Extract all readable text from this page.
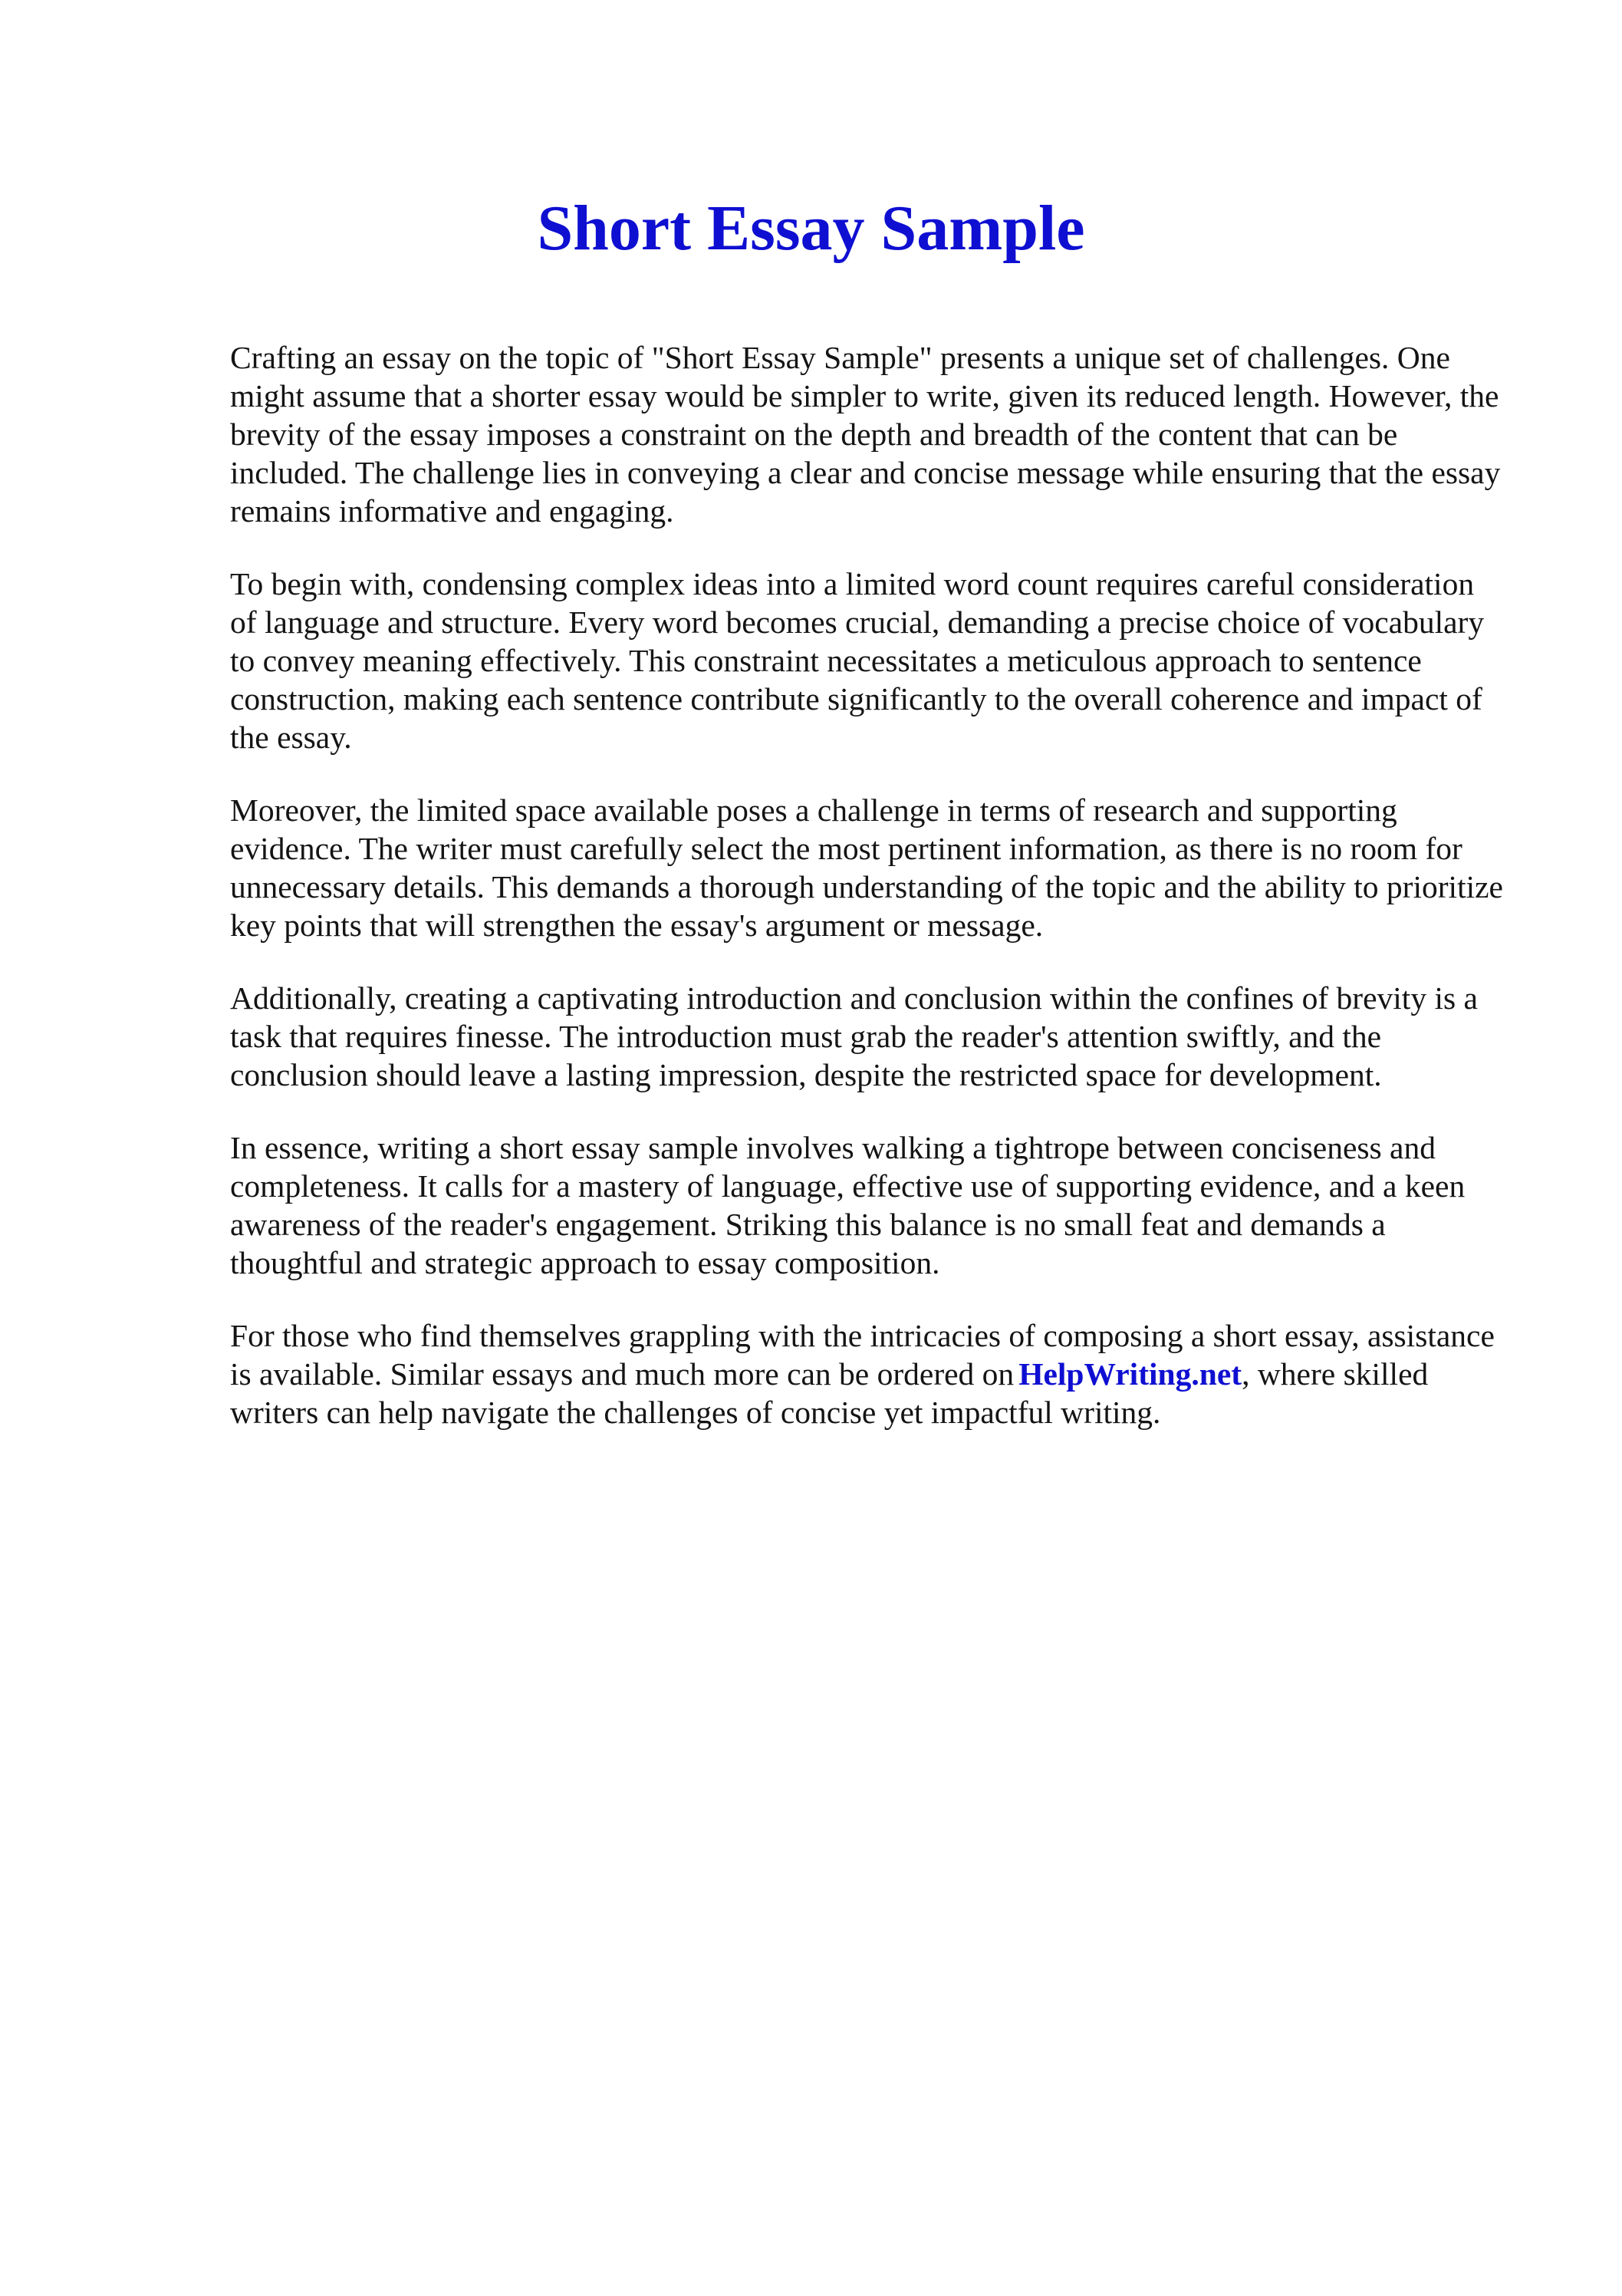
Short Essay Sample

Crafting an essay on the topic of "Short Essay Sample" presents a unique set of challenges. One might assume that a shorter essay would be simpler to write, given its reduced length. However, the brevity of the essay imposes a constraint on the depth and breadth of the content that can be included. The challenge lies in conveying a clear and concise message while ensuring that the essay remains informative and engaging.

To begin with, condensing complex ideas into a limited word count requires careful consideration of language and structure. Every word becomes crucial, demanding a precise choice of vocabulary to convey meaning effectively. This constraint necessitates a meticulous approach to sentence construction, making each sentence contribute significantly to the overall coherence and impact of the essay.

Moreover, the limited space available poses a challenge in terms of research and supporting evidence. The writer must carefully select the most pertinent information, as there is no room for unnecessary details. This demands a thorough understanding of the topic and the ability to prioritize key points that will strengthen the essay's argument or message.

Additionally, creating a captivating introduction and conclusion within the confines of brevity is a task that requires finesse. The introduction must grab the reader's attention swiftly, and the conclusion should leave a lasting impression, despite the restricted space for development.

In essence, writing a short essay sample involves walking a tightrope between conciseness and completeness. It calls for a mastery of language, effective use of supporting evidence, and a keen awareness of the reader's engagement. Striking this balance is no small feat and demands a thoughtful and strategic approach to essay composition.

For those who find themselves grappling with the intricacies of composing a short essay, assistance is available. Similar essays and much more can be ordered on HelpWriting.net, where skilled writers can help navigate the challenges of concise yet impactful writing.
